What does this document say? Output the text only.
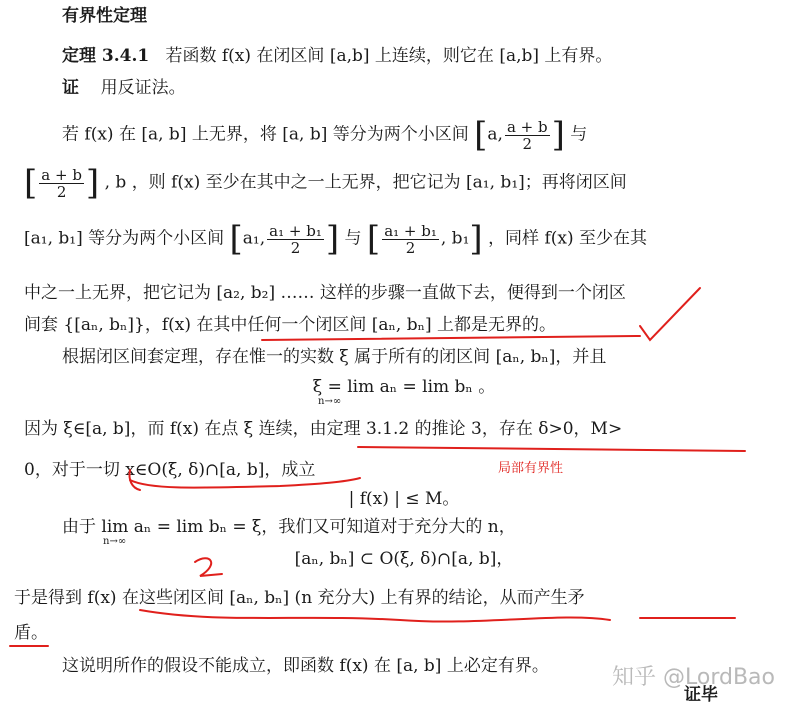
有界性定理
定理 3.4.1 若函数 f(x) 在闭区间 [a,b] 上连续，则它在 [a,b] 上有界。
证 用反证法。
若 f(x) 在 [a, b] 上无界，将 [a, b] 等分为两个小区间 [a, $\frac{a + b}{2}$ ] 与
[ $\frac{a + b}{2}$ ] , b ，则 f(x) 至少在其中之一上无界，把它记为 [a₁, b₁]；再将闭区间
[a₁, b₁] 等分为两个小区间 [a₁, $\frac{\text{a₁ + b₁}}{2}$ ] 与 [ $\frac{\text{a₁ + b₁}}{2}$ , b₁] ，同样 f(x) 至少在其
中之一上无界，把它记为 [a₂, b₂] …… 这样的步骤一直做下去，便得到一个闭区
间套 {[aₙ, bₙ]}，f(x) 在其中任何一个闭区间 [aₙ, bₙ] 上都是无界的。
根据闭区间套定理，存在惟一的实数 ξ 属于所有的闭区间 [aₙ, bₙ]，并且
ξ = lim aₙ = lim bₙ 。
n→∞
因为 ξ∈[a, b]，而 f(x) 在点 ξ 连续，由定理 3.1.2 的推论 3，存在 δ>0，M>
0，对于一切 x∈O(ξ, δ)∩[a, b]，成立
| f(x) | ≤ M。
由于 lim aₙ = lim bₙ = ξ，我们又可知道对于充分大的 n，
n→∞
[aₙ, bₙ] ⊂ O(ξ, δ)∩[a, b]，
于是得到 f(x) 在这些闭区间 [aₙ, bₙ] (n 充分大) 上有界的结论，从而产生矛
盾。
这说明所作的假设不能成立，即函数 f(x) 在 [a, b] 上必定有界。
证毕
局部有界性
知乎 @LordBao
